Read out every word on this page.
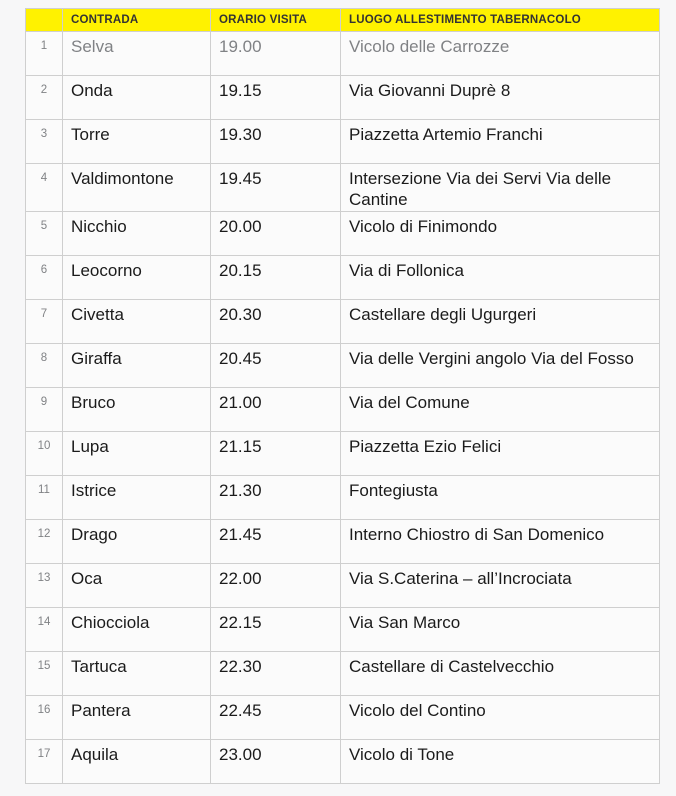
	CONTRADA	ORARIO VISITA	LUOGO ALLESTIMENTO TABERNACOLO
1	Selva	19.00	Vicolo delle Carrozze
2	Onda	19.15	Via Giovanni Duprè 8
3	Torre	19.30	Piazzetta Artemio Franchi
4	Valdimontone	19.45	Intersezione Via dei Servi Via delle Cantine
5	Nicchio	20.00	Vicolo di Finimondo
6	Leocorno	20.15	Via di Follonica
7	Civetta	20.30	Castellare degli Ugurgeri
8	Giraffa	20.45	Via delle Vergini angolo Via del Fosso
9	Bruco	21.00	Via del Comune
10	Lupa	21.15	Piazzetta Ezio Felici
11	Istrice	21.30	Fontegiusta
12	Drago	21.45	Interno Chiostro di San Domenico
13	Oca	22.00	Via S.Caterina – all’Incrociata
14	Chiocciola	22.15	Via San Marco
15	Tartuca	22.30	Castellare di Castelvecchio
16	Pantera	22.45	Vicolo del Contino
17	Aquila	23.00	Vicolo di Tone
